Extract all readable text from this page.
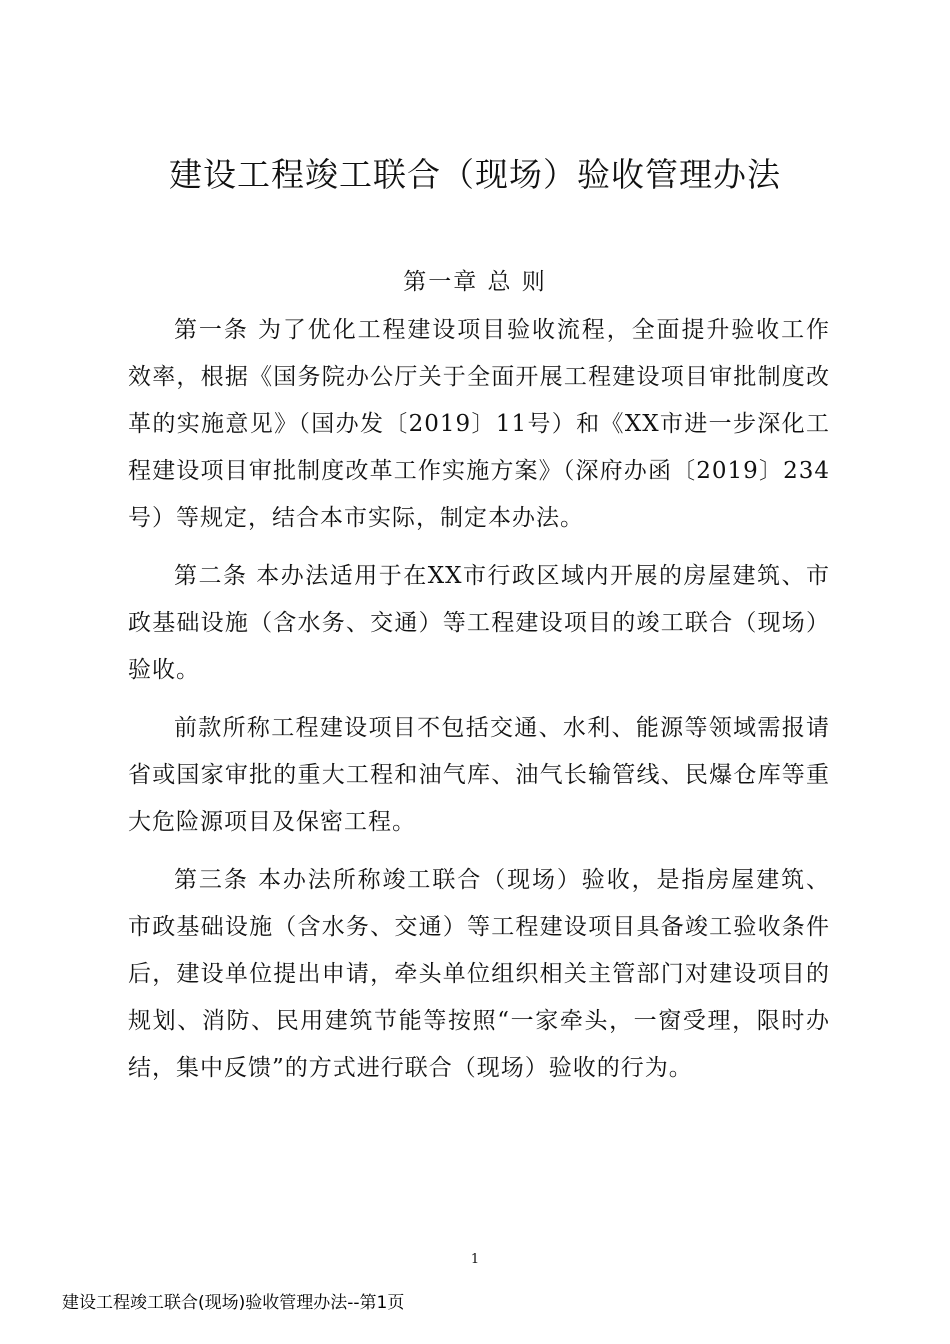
建设工程竣工联合（现场）验收管理办法
第一章 总 则

第一条 为了优化工程建设项目验收流程，全面提升验收工作效率，根据《国务院办公厅关于全面开展工程建设项目审批制度改革的实施意见》（国办发〔2019〕11号）和《XX市进一步深化工程建设项目审批制度改革工作实施方案》（深府办函〔2019〕234号）等规定，结合本市实际，制定本办法。

第二条 本办法适用于在XX市行政区域内开展的房屋建筑、市政基础设施（含水务、交通）等工程建设项目的竣工联合（现场）验收。

前款所称工程建设项目不包括交通、水利、能源等领域需报请省或国家审批的重大工程和油气库、油气长输管线、民爆仓库等重大危险源项目及保密工程。

第三条 本办法所称竣工联合（现场）验收，是指房屋建筑、市政基础设施（含水务、交通）等工程建设项目具备竣工验收条件后，建设单位提出申请，牵头单位组织相关主管部门对建设项目的规划、消防、民用建筑节能等按照“一家牵头，一窗受理，限时办结，集中反馈”的方式进行联合（现场）验收的行为。

1
建设工程竣工联合(现场)验收管理办法--第1页
